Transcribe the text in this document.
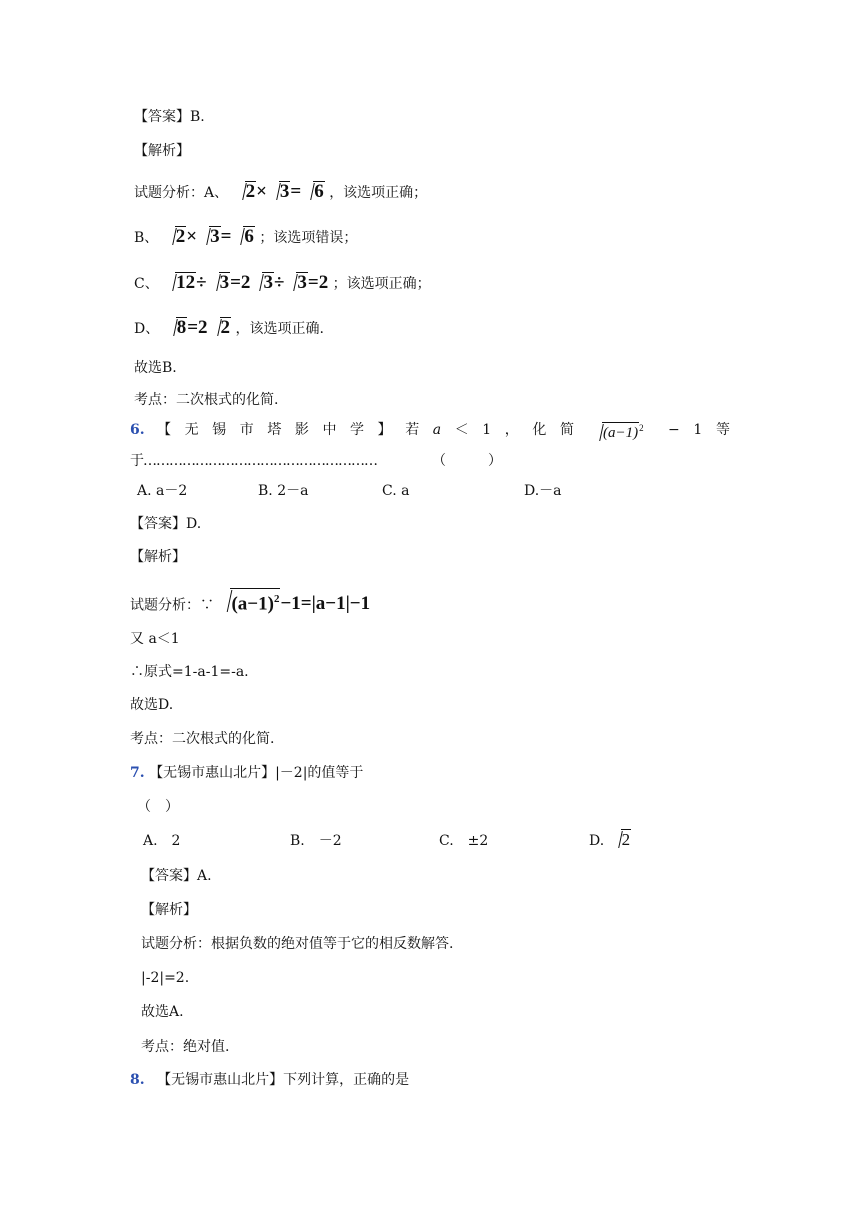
【答案】B.
【解析】
试题分析：A、 2× 3= 6 ，该选项正确；
B、 2× 3= 6 ；该选项错误；
C、 12÷ 3=2 3÷ 3=2 ；该选项正确；
D、 8=2 2 ，该选项正确.
故选B.
考点：二次根式的化简.
6. 【 无 锡 市 塔 影 中 学 】 若 a ＜ 1 ， 化 简	$(a-1)^2 - 1$ 等
于………………………………………………	（　　　）
A. a－2	B. 2－a	C. a	D.－a
【答案】D.
【解析】
试题分析：∵ $(a-1)^2-1=|a-1|-1$
又 a＜1
∴原式=1-a-1=-a.
故选D.
考点：二次根式的化简.
7. 【无锡市惠山北片】|－2|的值等于
（　）
A.　2	B.　－2	C.　±2	D. 2
【答案】A.
【解析】
试题分析：根据负数的绝对值等于它的相反数解答.
|-2|=2.
故选A.
考点：绝对值.
8. 【无锡市惠山北片】下列计算，正确的是
